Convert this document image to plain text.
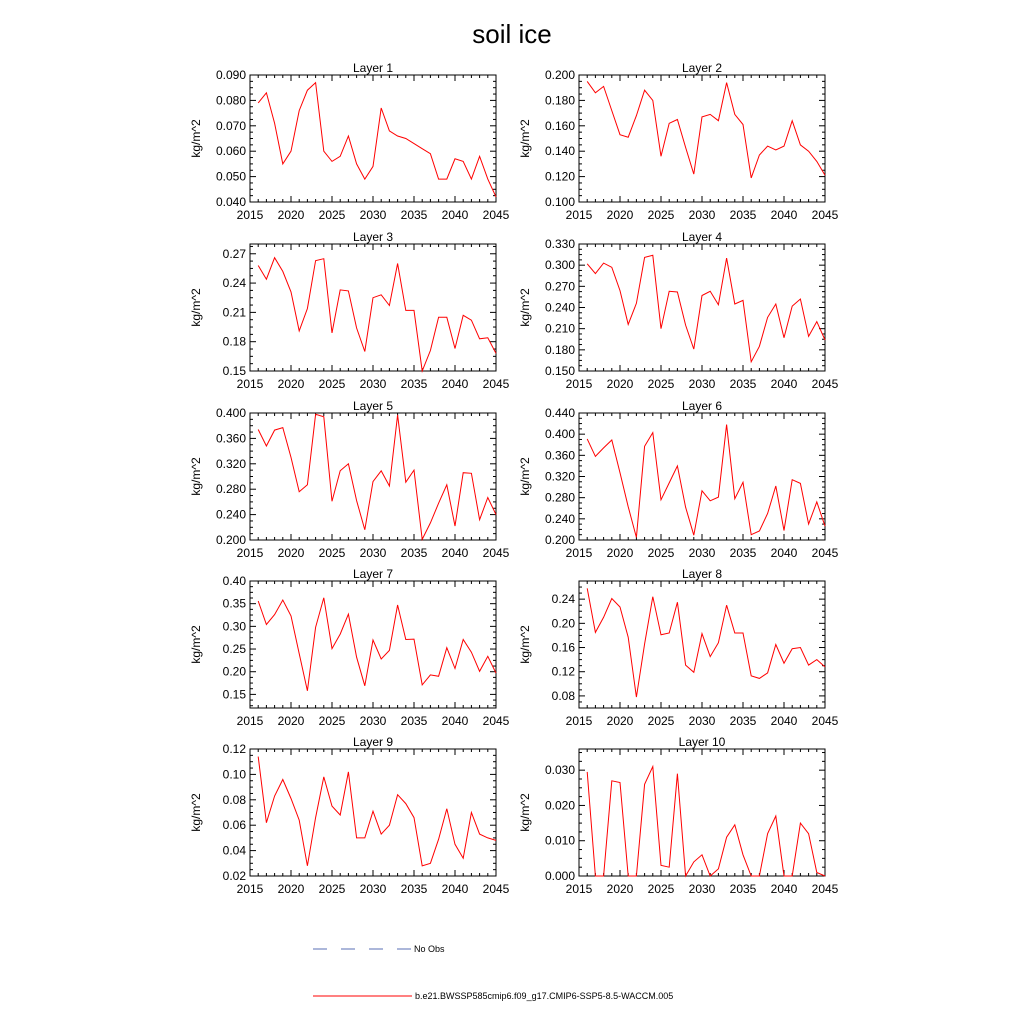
soil ice
Layer 1
kg/m^2
2015 2020 2025 2030 2035 2040 2045
0.040
0.050
0.060
0.070
0.080
0.090	Layer 2
kg/m^2
2015 2020 2025 2030 2035 2040 2045
0.100
0.120
0.140
0.160
0.180
0.200
Layer 3
kg/m^2
2015 2020 2025 2030 2035 2040 2045
0.15
0.18
0.21
0.24
0.27
Layer 4
kg/m^2
2015 2020 2025 2030 2035 2040 2045
0.150
0.180
0.210
0.240
0.270
0.300
0.330
Layer 5
kg/m^2
2015 2020 2025 2030 2035 2040 2045
0.200
0.240
0.280
0.320
0.360
0.400	Layer 6
kg/m^2
2015 2020 2025 2030 2035 2040 2045
0.200
0.240
0.280
0.320
0.360
0.400
0.440
Layer 7
kg/m^2
2015 2020 2025 2030 2035 2040 2045
0.15
0.20
0.25
0.30
0.35
0.40	Layer 8
kg/m^2
2015 2020 2025 2030 2035 2040 2045
0.08
0.12
0.16
0.20
0.24
Layer 9
kg/m^2
2015 2020 2025 2030 2035 2040 2045
0.02
0.04
0.06
0.08
0.10
0.12	Layer 10
kg/m^2
2015 2020 2025 2030 2035 2040 2045
0.000
0.010
0.020
0.030
No Obs
b.e21.BWSSP585cmip6.f09_g17.CMIP6-SSP5-8.5-WACCM.005
